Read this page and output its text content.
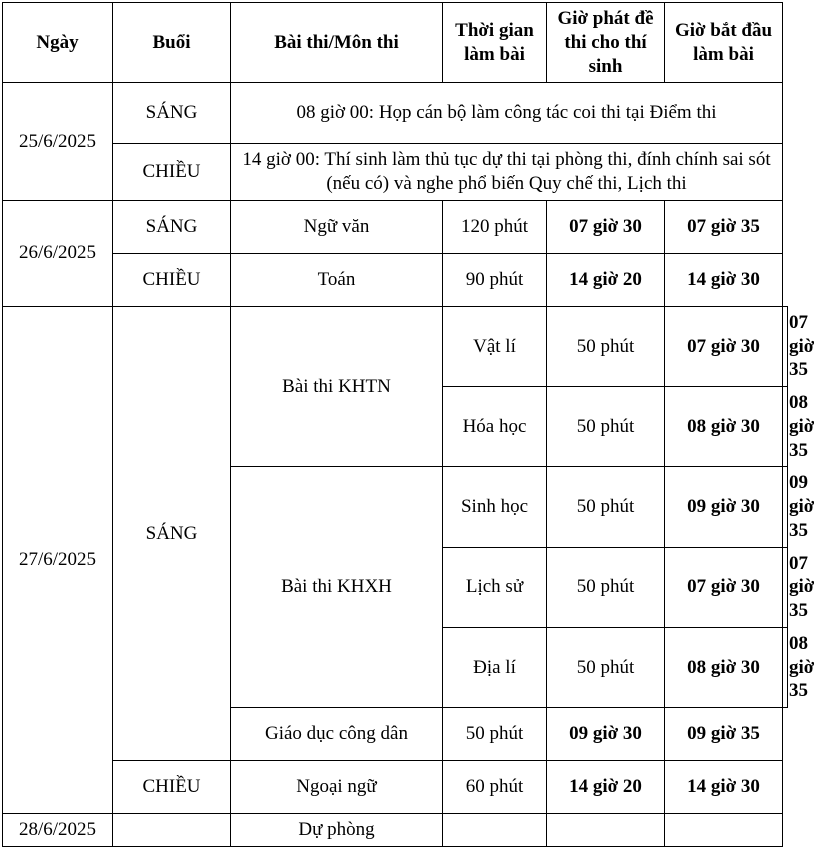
Ngày	Buổi	Bài thi/Môn thi	Thời gian làm bài	Giờ phát đề thi cho thí sinh	Giờ bắt đầu làm bài	
25/6/2025	SÁNG	08 giờ 00: Họp cán bộ làm công tác coi thi tại Điểm thi				
	CHIỀU	14 giờ 00: Thí sinh làm thủ tục dự thi tại phòng thi, đính chính sai sót (nếu có) và nghe phổ biến Quy chế thi, Lịch thi				
26/6/2025	SÁNG	Ngữ văn	120 phút	07 giờ 30	07 giờ 35	
	CHIỀU	Toán	90 phút	14 giờ 20	14 giờ 30	
27/6/2025	SÁNG	Bài thi KHTN				
			Vật lí	50 phút	07 giờ 30	07 giờ 35
			Hóa học	50 phút	08 giờ 30	08 giờ 35
		Bài thi KHXH	Sinh học	50 phút	09 giờ 30	09 giờ 35
			Lịch sử	50 phút	07 giờ 30	07 giờ 35
			Địa lí	50 phút	08 giờ 30	08 giờ 35
		Giáo dục công dân	50 phút	09 giờ 30	09 giờ 35	
	CHIỀU	Ngoại ngữ	60 phút	14 giờ 20	14 giờ 30	
28/6/2025		Dự phòng				
